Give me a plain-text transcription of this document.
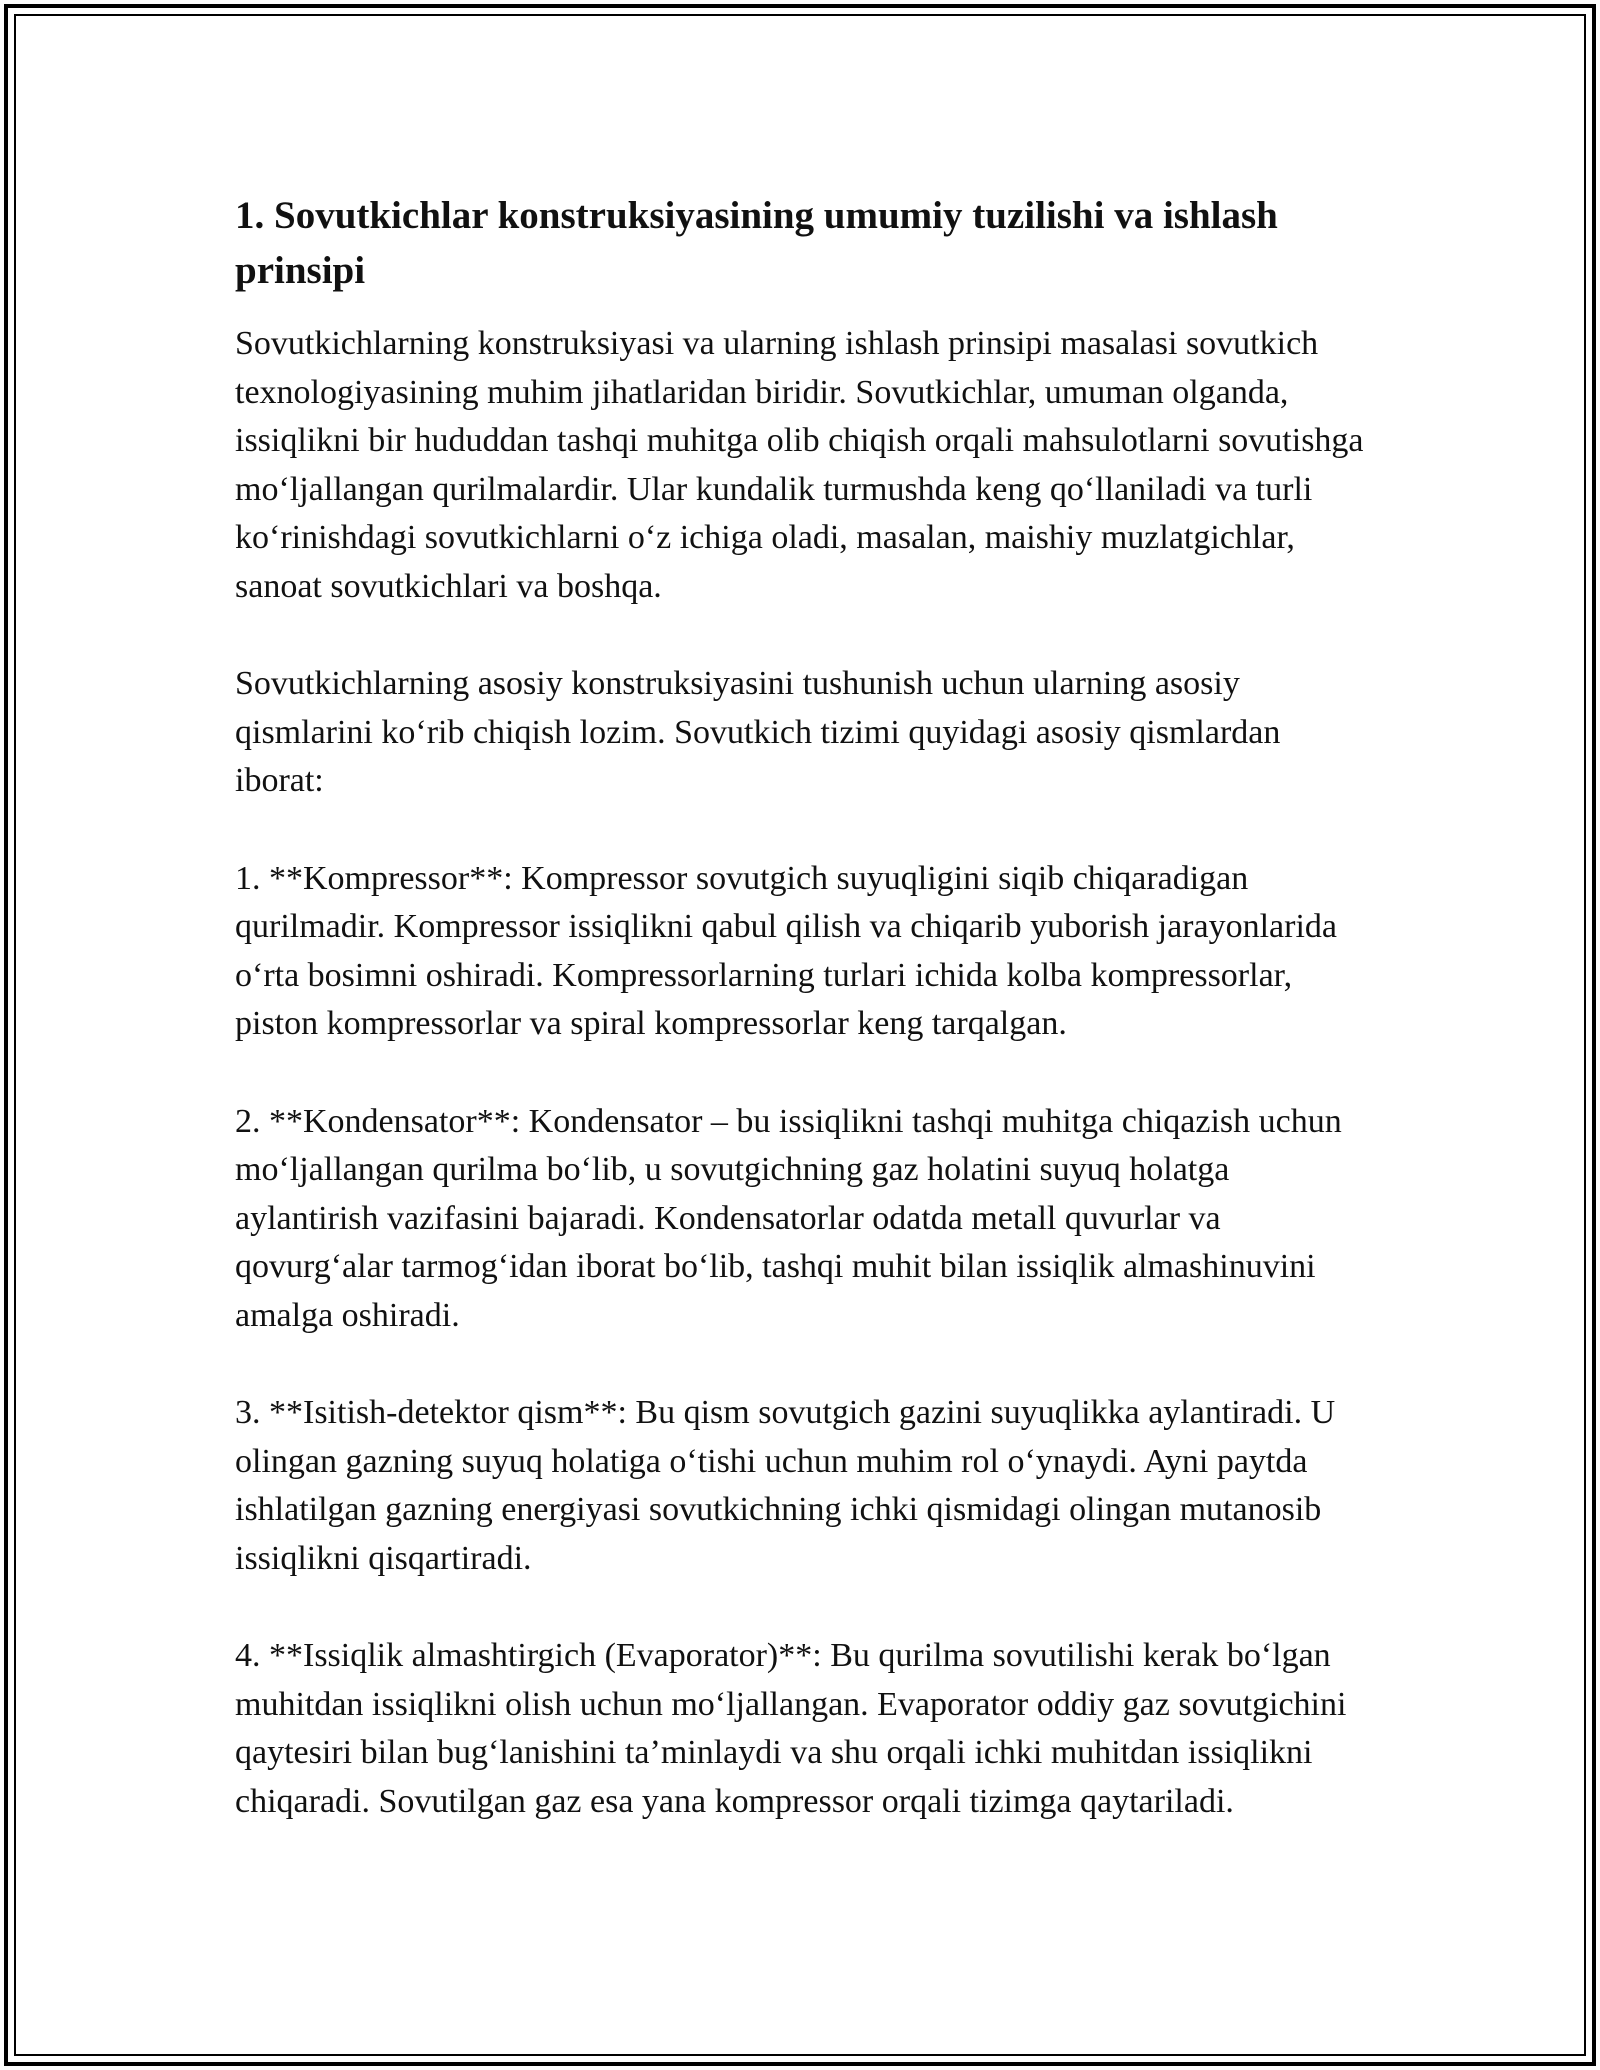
1. Sovutkichlar konstruksiyasining umumiy tuzilishi va ishlash prinsipi

Sovutkichlarning konstruksiyasi va ularning ishlash prinsipi masalasi sovutkich texnologiyasining muhim jihatlaridan biridir. Sovutkichlar, umuman olganda, issiqlikni bir hududdan tashqi muhitga olib chiqish orqali mahsulotlarni sovutishga moʻljallangan qurilmalardir. Ular kundalik turmushda keng qoʻllaniladi va turli koʻrinishdagi sovutkichlarni oʻz ichiga oladi, masalan, maishiy muzlatgichlar, sanoat sovutkichlari va boshqa.

Sovutkichlarning asosiy konstruksiyasini tushunish uchun ularning asosiy qismlarini koʻrib chiqish lozim. Sovutkich tizimi quyidagi asosiy qismlardan iborat:

1. **Kompressor**: Kompressor sovutgich suyuqligini siqib chiqaradigan qurilmadir. Kompressor issiqlikni qabul qilish va chiqarib yuborish jarayonlarida oʻrta bosimni oshiradi. Kompressorlarning turlari ichida kolba kompressorlar, piston kompressorlar va spiral kompressorlar keng tarqalgan.

2. **Kondensator**: Kondensator – bu issiqlikni tashqi muhitga chiqazish uchun moʻljallangan qurilma boʻlib, u sovutgichning gaz holatini suyuq holatga aylantirish vazifasini bajaradi. Kondensatorlar odatda metall quvurlar va qovurgʻalar tarmogʻidan iborat boʻlib, tashqi muhit bilan issiqlik almashinuvini amalga oshiradi.

3. **Isitish-detektor qism**: Bu qism sovutgich gazini suyuqlikka aylantiradi. U olingan gazning suyuq holatiga oʻtishi uchun muhim rol oʻynaydi. Ayni paytda ishlatilgan gazning energiyasi sovutkichning ichki qismidagi olingan mutanosib issiqlikni qisqartiradi.

4. **Issiqlik almashtirgich (Evaporator)**: Bu qurilma sovutilishi kerak boʻlgan muhitdan issiqlikni olish uchun moʻljallangan. Evaporator oddiy gaz sovutgichini qaytesiri bilan bugʻlanishini taʼminlaydi va shu orqali ichki muhitdan issiqlikni chiqaradi. Sovutilgan gaz esa yana kompressor orqali tizimga qaytariladi.
